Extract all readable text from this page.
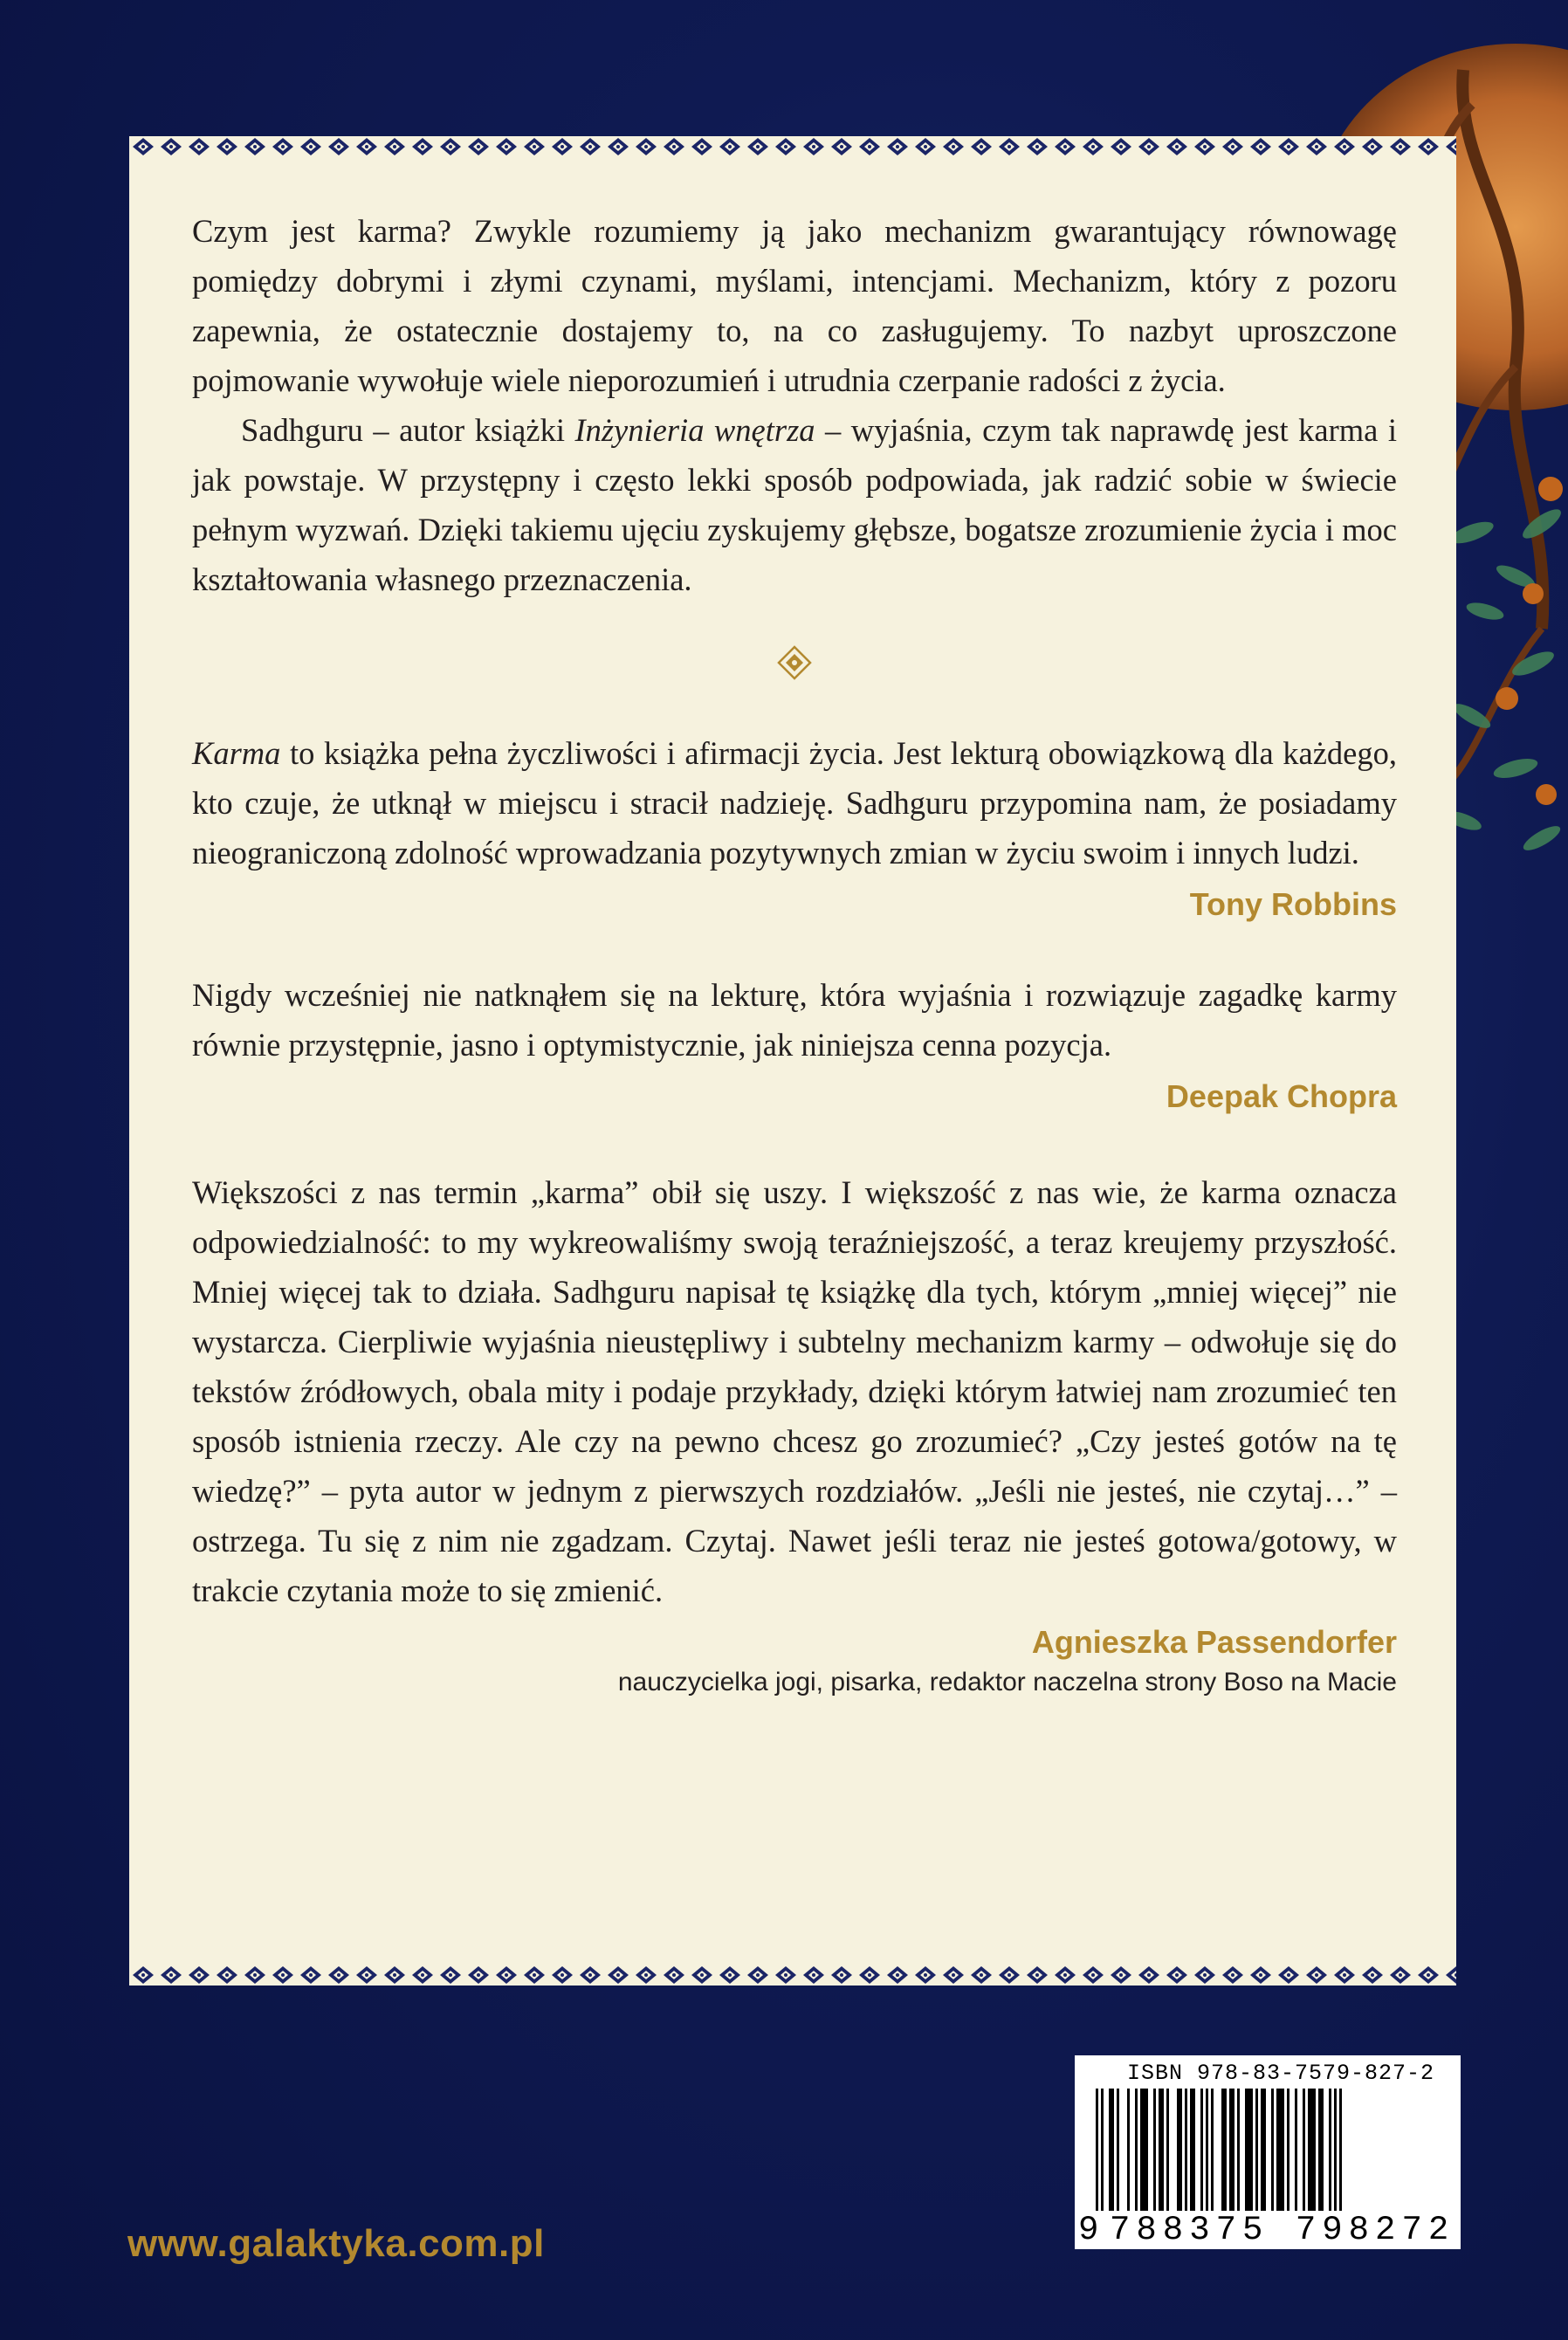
Czym jest karma? Zwykle rozumiemy ją jako mechanizm gwarantujący równowagę pomiędzy dobrymi i złymi czynami, myślami, intencjami. Mechanizm, który z pozoru zapewnia, że ostatecznie dostajemy to, na co zasługujemy. To nazbyt uproszczone pojmowanie wywołuje wiele nieporozumień i utrudnia czerpanie radości z życia.

Sadhguru – autor książki Inżynieria wnętrza – wyjaśnia, czym tak naprawdę jest karma i jak powstaje. W przystępny i często lekki sposób podpowiada, jak radzić sobie w świecie pełnym wyzwań. Dzięki takiemu ujęciu zyskujemy głębsze, bogatsze zrozumienie życia i moc kształtowania własnego przeznaczenia.

Karma to książka pełna życzliwości i afirmacji życia. Jest lekturą obowiązkową dla każdego, kto czuje, że utknął w miejscu i stracił nadzieję. Sadhguru przypomina nam, że posiadamy nieograniczoną zdolność wprowadzania pozytywnych zmian w życiu swoim i innych ludzi.

Tony Robbins

Nigdy wcześniej nie natknąłem się na lekturę, która wyjaśnia i rozwiązuje zagadkę karmy równie przystępnie, jasno i optymistycznie, jak niniejsza cenna pozycja.

Deepak Chopra

Większości z nas termin „karma” obił się uszy. I większość z nas wie, że karma oznacza odpowiedzialność: to my wykreowaliśmy swoją teraźniejszość, a teraz kreujemy przyszłość. Mniej więcej tak to działa. Sadhguru napisał tę książkę dla tych, którym „mniej więcej” nie wystarcza. Cierpliwie wyjaśnia nieustępliwy i subtelny mechanizm karmy – odwołuje się do tekstów źródłowych, obala mity i podaje przykłady, dzięki którym łatwiej nam zrozumieć ten sposób istnienia rzeczy. Ale czy na pewno chcesz go zrozumieć? „Czy jesteś gotów na tę wiedzę?” – pyta autor w jednym z pierwszych rozdziałów. „Jeśli nie jesteś, nie czytaj…” – ostrzega. Tu się z nim nie zgadzam. Czytaj. Nawet jeśli teraz nie jesteś gotowa/gotowy, w trakcie czytania może to się zmienić.

Agnieszka Passendorfer
nauczycielka jogi, pisarka, redaktor naczelna strony Boso na Macie
www.galaktyka.com.pl
ISBN 978-83-7579-827-2
9 788375 798272
